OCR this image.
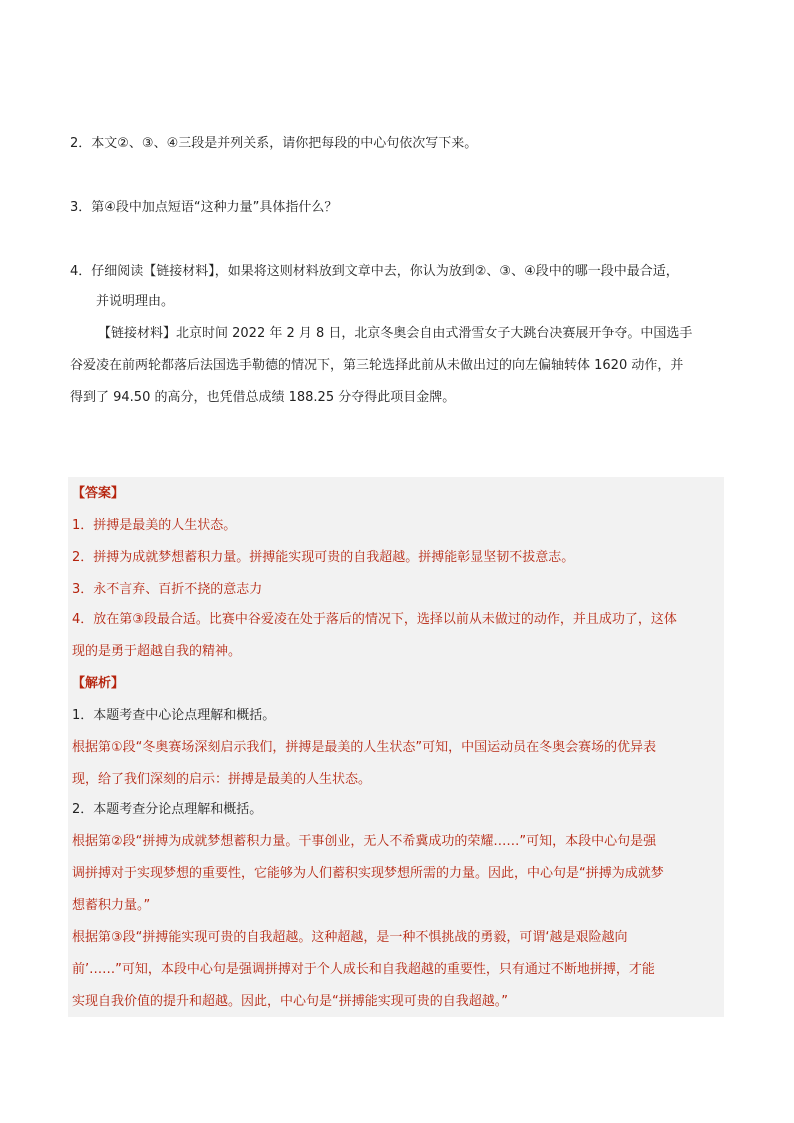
2．本文②、③、④三段是并列关系，请你把每段的中心句依次写下来。
3．第④段中加点短语“这种力量”具体指什么？
4．仔细阅读【链接材料】，如果将这则材料放到文章中去，你认为放到②、③、④段中的哪一段中最合适，
并说明理由。
【链接材料】北京时间 2022 年 2 月 8 日，北京冬奥会自由式滑雪女子大跳台决赛展开争夺。中国选手
谷爱凌在前两轮都落后法国选手勒德的情况下，第三轮选择此前从未做出过的向左偏轴转体 1620 动作，并
得到了 94.50 的高分，也凭借总成绩 188.25 分夺得此项目金牌。
【答案】
1．拼搏是最美的人生状态。
2．拼搏为成就梦想蓄积力量。拼搏能实现可贵的自我超越。拼搏能彰显坚韧不拔意志。
3．永不言弃、百折不挠的意志力
4．放在第③段最合适。比赛中谷爱凌在处于落后的情况下，选择以前从未做过的动作，并且成功了，这体
现的是勇于超越自我的精神。
【解析】
1．本题考查中心论点理解和概括。
根据第①段“冬奥赛场深刻启示我们，拼搏是最美的人生状态”可知，中国运动员在冬奥会赛场的优异表
现，给了我们深刻的启示：拼搏是最美的人生状态。
2．本题考查分论点理解和概括。
根据第②段“拼搏为成就梦想蓄积力量。干事创业，无人不希冀成功的荣耀……”可知，本段中心句是强
调拼搏对于实现梦想的重要性，它能够为人们蓄积实现梦想所需的力量。因此，中心句是“拼搏为成就梦
想蓄积力量。”
根据第③段“拼搏能实现可贵的自我超越。这种超越，是一种不惧挑战的勇毅，可谓‘越是艰险越向
前’……”可知，本段中心句是强调拼搏对于个人成长和自我超越的重要性，只有通过不断地拼搏，才能
实现自我价值的提升和超越。因此，中心句是“拼搏能实现可贵的自我超越。”
